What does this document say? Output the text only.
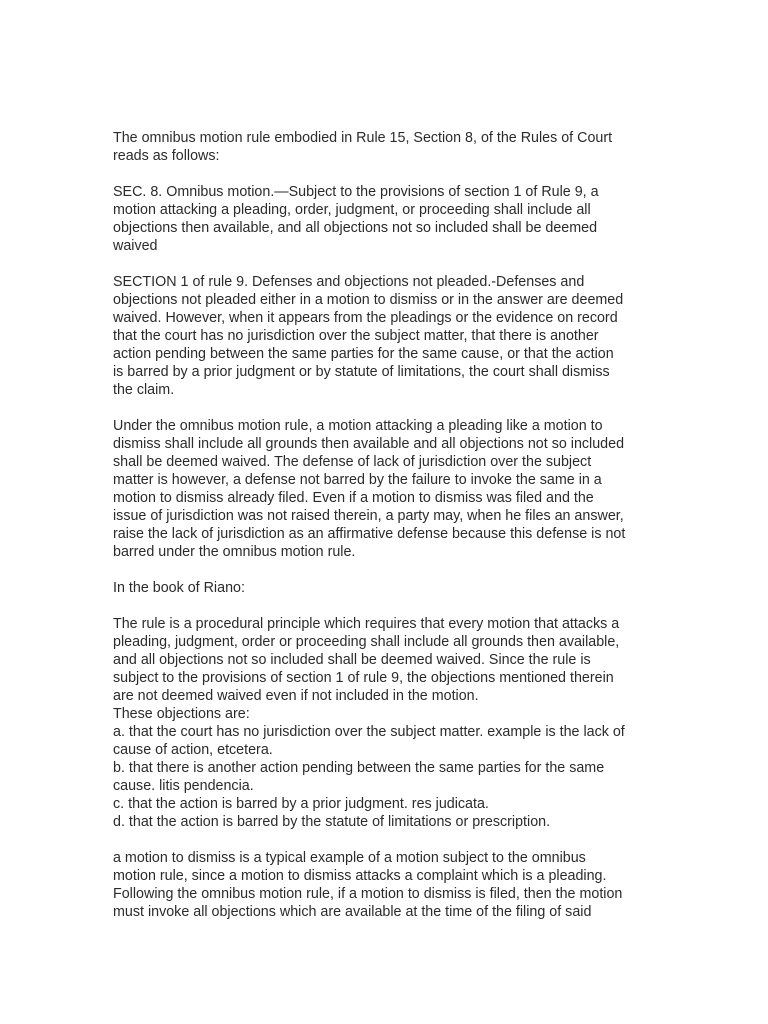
The omnibus motion rule embodied in Rule 15, Section 8, of the Rules of Court
reads as follows:

SEC. 8. Omnibus motion.—Subject to the provisions of section 1 of Rule 9, a
motion attacking a pleading, order, judgment, or proceeding shall include all
objections then available, and all objections not so included shall be deemed
waived

SECTION 1 of rule 9. Defenses and objections not pleaded.-Defenses and
objections not pleaded either in a motion to dismiss or in the answer are deemed
waived. However, when it appears from the pleadings or the evidence on record
that the court has no jurisdiction over the subject matter, that there is another
action pending between the same parties for the same cause, or that the action
is barred by a prior judgment or by statute of limitations, the court shall dismiss
the claim.

Under the omnibus motion rule, a motion attacking a pleading like a motion to
dismiss shall include all grounds then available and all objections not so included
shall be deemed waived. The defense of lack of jurisdiction over the subject
matter is however, a defense not barred by the failure to invoke the same in a
motion to dismiss already filed. Even if a motion to dismiss was filed and the
issue of jurisdiction was not raised therein, a party may, when he files an answer,
raise the lack of jurisdiction as an affirmative defense because this defense is not
barred under the omnibus motion rule.

In the book of Riano:

The rule is a procedural principle which requires that every motion that attacks a
pleading, judgment, order or proceeding shall include all grounds then available,
and all objections not so included shall be deemed waived. Since the rule is
subject to the provisions of section 1 of rule 9, the objections mentioned therein
are not deemed waived even if not included in the motion.
These objections are:
a. that the court has no jurisdiction over the subject matter. example is the lack of
cause of action, etcetera.
b. that there is another action pending between the same parties for the same
cause. litis pendencia.
c. that the action is barred by a prior judgment. res judicata.
d. that the action is barred by the statute of limitations or prescription.

a motion to dismiss is a typical example of a motion subject to the omnibus
motion rule, since a motion to dismiss attacks a complaint which is a pleading.
Following the omnibus motion rule, if a motion to dismiss is filed, then the motion
must invoke all objections which are available at the time of the filing of said
